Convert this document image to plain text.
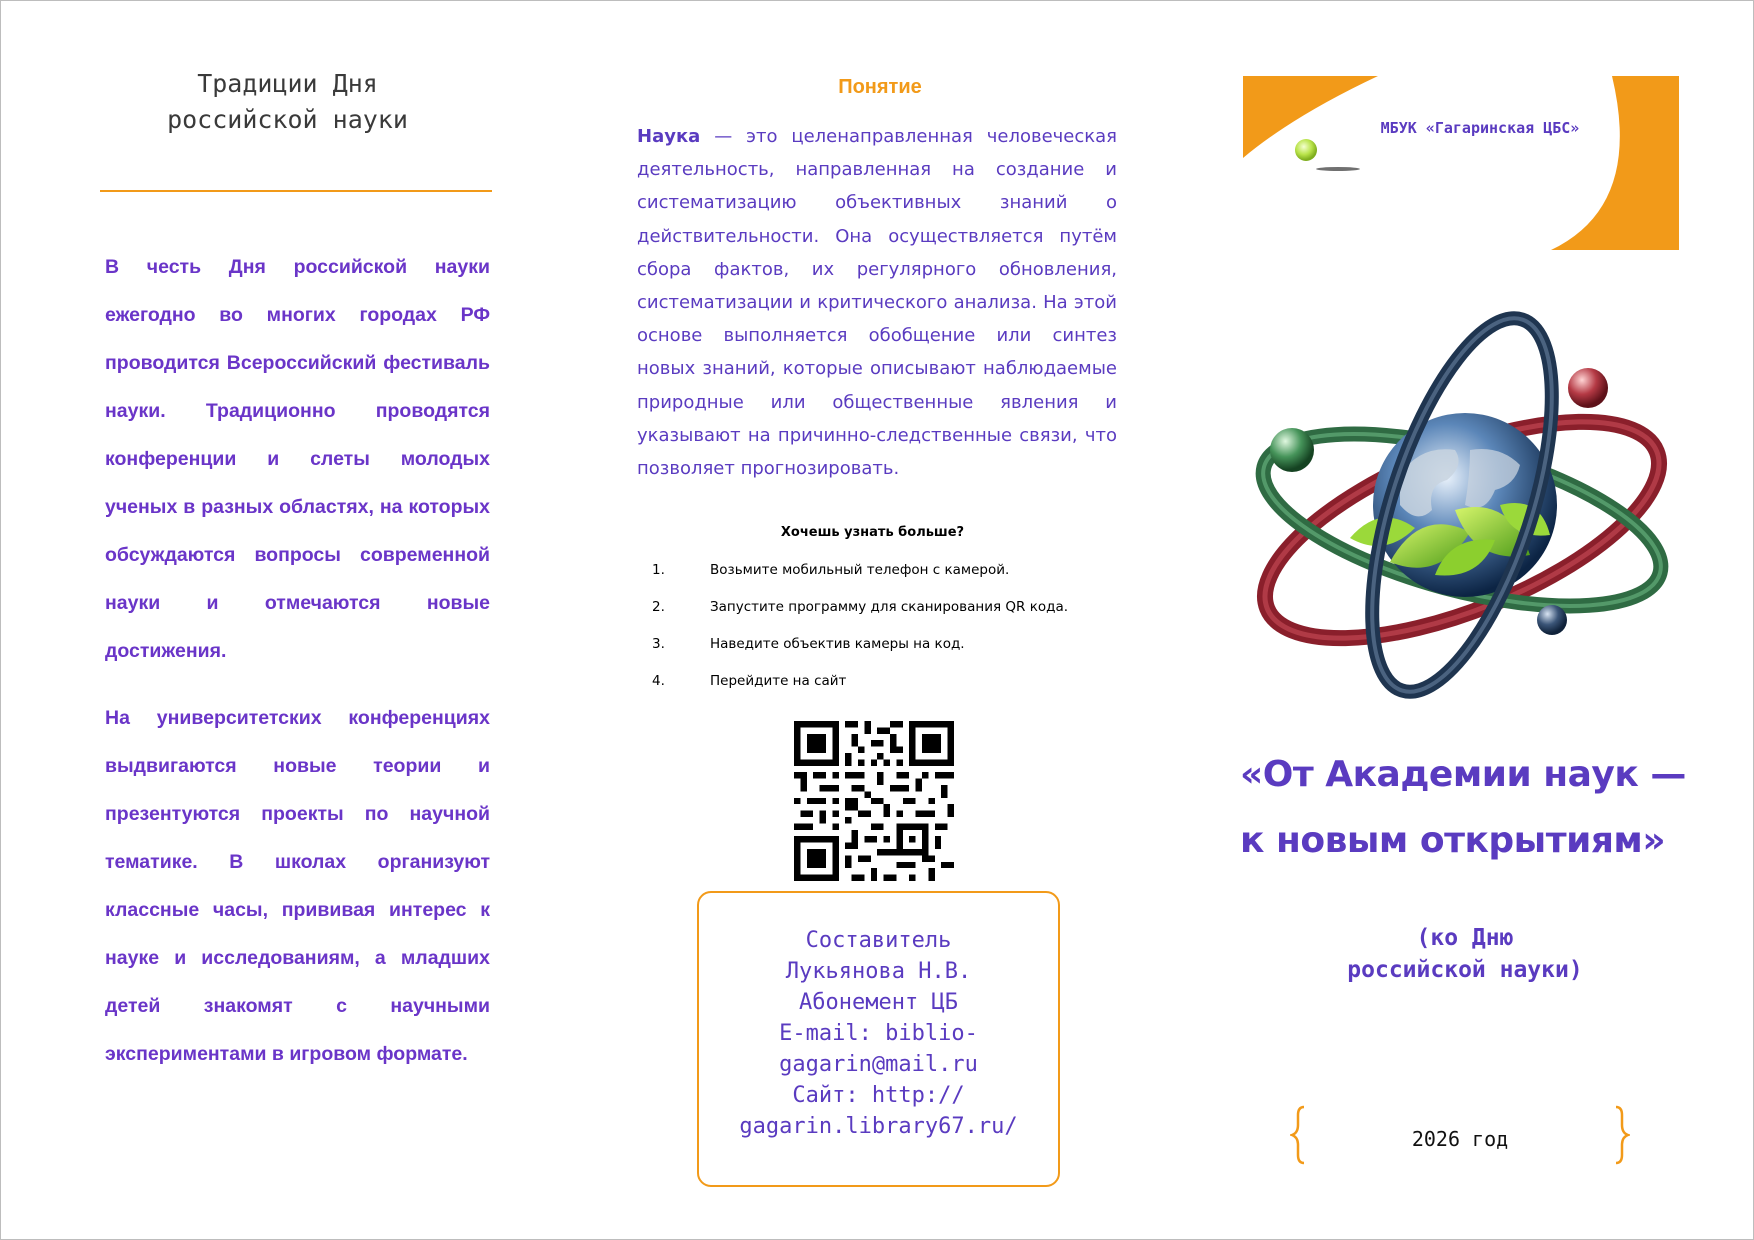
Традиции Дня
российской науки

В честь Дня российской науки ежегодно во многих городах РФ проводится Всероссийский фестиваль науки. Традиционно проводятся конференции и слеты молодых ученых в разных областях, на которых обсуждаются вопросы современной науки и отмечаются новые достижения.

На университетских конференциях выдвигаются новые теории и презентуются проекты по научной тематике. В школах организуют классные часы, прививая интерес к науке и исследованиям, а младших детей знакомят с научными экспериментами в игровом формате.

Понятие

Наука — это целенаправленная человеческая деятельность, направленная на создание и систематизацию объективных знаний о действительности. Она осуществляется путём сбора фактов, их регулярного обновления, систематизации и критического анализа. На этой основе выполняется обобщение или синтез новых знаний, которые описывают наблюдаемые природные или общественные явления и указывают на причинно-следственные связи, что позволяет прогнозировать.

Хочешь узнать больше?
1.	Возьмите мобильный телефон с камерой.
2.	Запустите программу для сканирования QR кода.
3.	Наведите объектив камеры на код.
4.	Перейдите на сайт
Составитель
Лукьянова Н.В.
Абонемент ЦБ
E-mail: biblio-
gagarin@mail.ru
Сайт: http://
gagarin.library67.ru/
МБУК «Гагаринская ЦБС»
«От Академии наук —
к новым открытиям»
(ко Дню
российской науки)
2026 год
